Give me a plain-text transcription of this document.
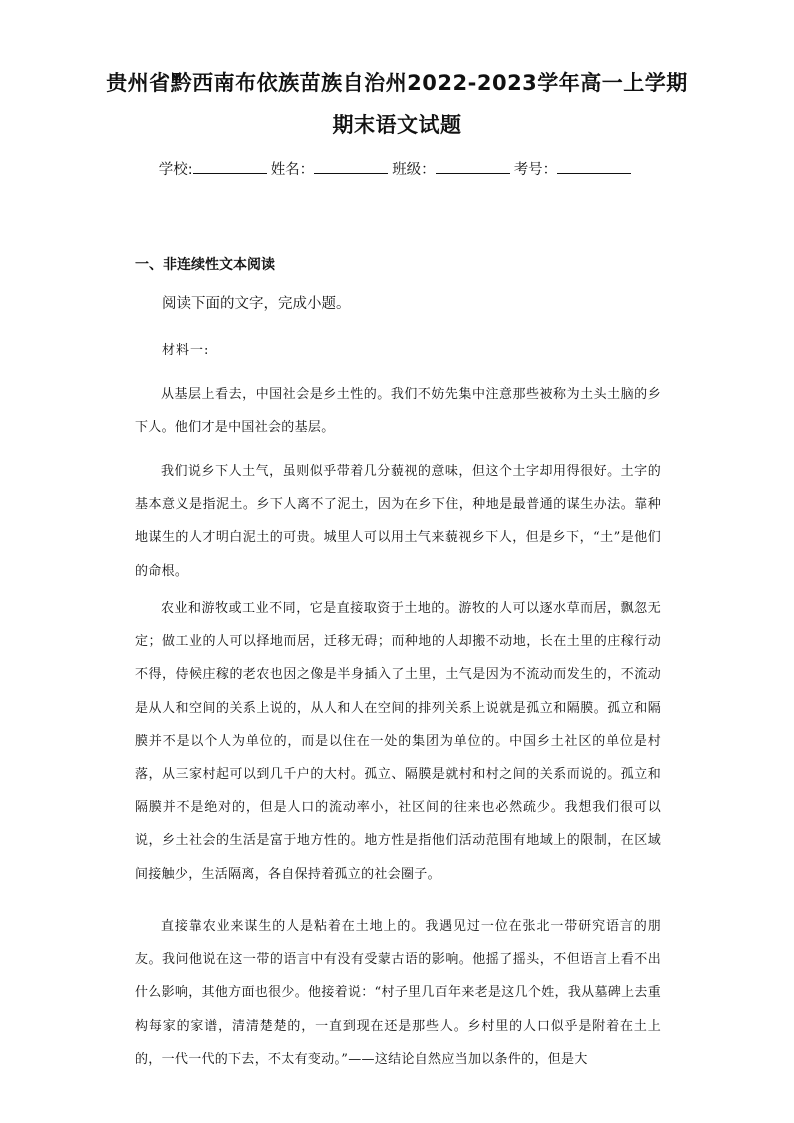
贵州省黔西南布依族苗族自治州2022-2023学年高一上学期
期末语文试题
学校:	姓名：	班级：	考号：
一、非连续性文本阅读
阅读下面的文字，完成小题。
材料一:

从基层上看去，中国社会是乡土性的。我们不妨先集中注意那些被称为土头土脑的乡下人。他们才是中国社会的基层。

我们说乡下人土气，虽则似乎带着几分藐视的意味，但这个土字却用得很好。土字的基本意义是指泥土。乡下人离不了泥土，因为在乡下住，种地是最普通的谋生办法。靠种地谋生的人才明白泥土的可贵。城里人可以用土气来藐视乡下人，但是乡下，“土”是他们的命根。

农业和游牧或工业不同，它是直接取资于土地的。游牧的人可以逐水草而居，飘忽无定；做工业的人可以择地而居，迁移无碍；而种地的人却搬不动地，长在土里的庄稼行动不得，侍候庄稼的老农也因之像是半身插入了土里，土气是因为不流动而发生的，不流动是从人和空间的关系上说的，从人和人在空间的排列关系上说就是孤立和隔膜。孤立和隔膜并不是以个人为单位的，而是以住在一处的集团为单位的。中国乡土社区的单位是村落，从三家村起可以到几千户的大村。孤立、隔膜是就村和村之间的关系而说的。孤立和隔膜并不是绝对的，但是人口的流动率小，社区间的往来也必然疏少。我想我们很可以说，乡土社会的生活是富于地方性的。地方性是指他们活动范围有地域上的限制，在区域间接触少，生活隔离，各自保持着孤立的社会圈子。

直接靠农业来谋生的人是粘着在土地上的。我遇见过一位在张北一带研究语言的朋友。我问他说在这一带的语言中有没有受蒙古语的影响。他摇了摇头，不但语言上看不出什么影响，其他方面也很少。他接着说：“村子里几百年来老是这几个姓，我从墓碑上去重构每家的家谱，清清楚楚的，一直到现在还是那些人。乡村里的人口似乎是附着在土上的，一代一代的下去，不太有变动。”——这结论自然应当加以条件的，但是大
